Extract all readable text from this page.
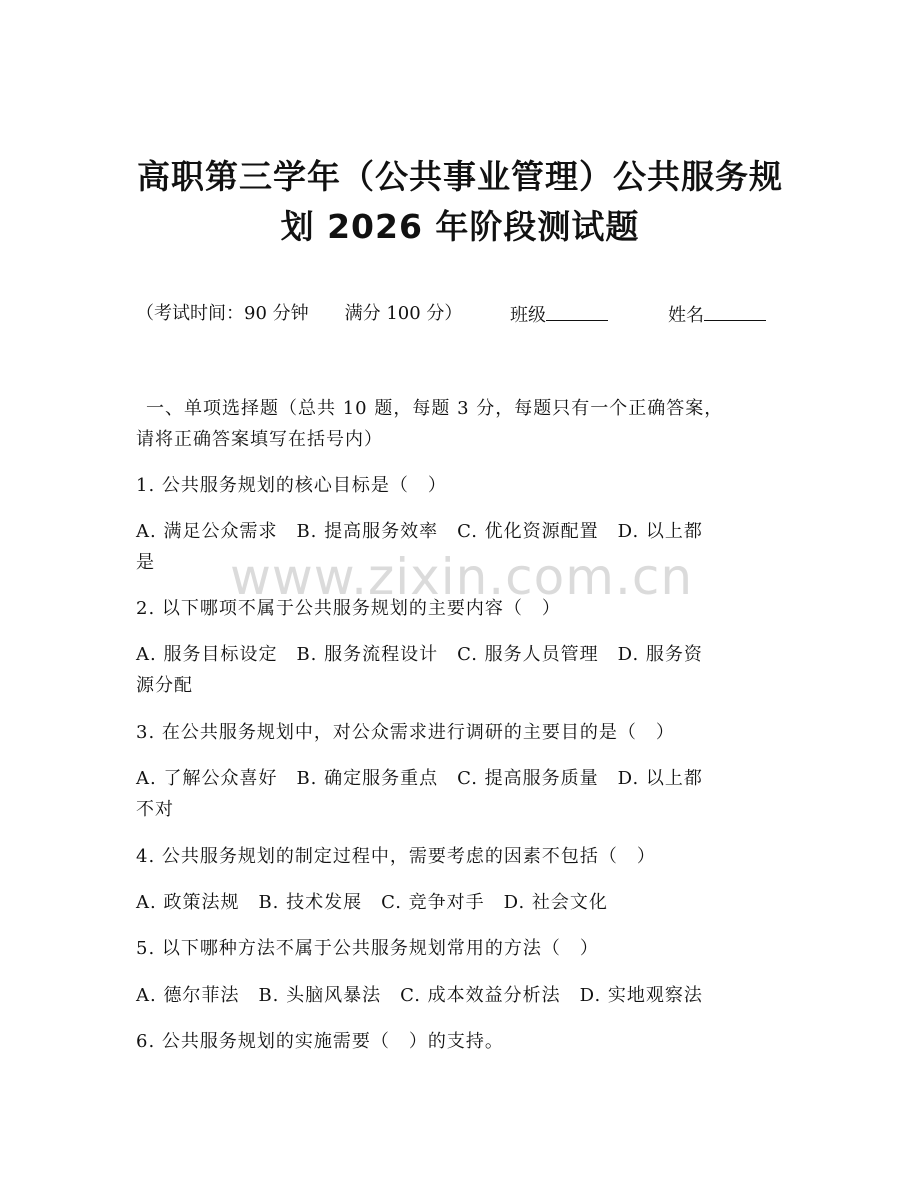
高职第三学年（公共事业管理）公共服务规
划 2026 年阶段测试题
（考试时间：90 分钟　　满分 100 分）	班级	姓名
一、单项选择题（总共 10 题，每题 3 分，每题只有一个正确答案，
请将正确答案填写在括号内）
1. 公共服务规划的核心目标是（　）
A. 满足公众需求　B. 提高服务效率　C. 优化资源配置　D. 以上都
是
2. 以下哪项不属于公共服务规划的主要内容（　）
A. 服务目标设定　B. 服务流程设计　C. 服务人员管理　D. 服务资
源分配
3. 在公共服务规划中，对公众需求进行调研的主要目的是（　）
A. 了解公众喜好　B. 确定服务重点　C. 提高服务质量　D. 以上都
不对
4. 公共服务规划的制定过程中，需要考虑的因素不包括（　）
A. 政策法规　B. 技术发展　C. 竞争对手　D. 社会文化
5. 以下哪种方法不属于公共服务规划常用的方法（　）
A. 德尔菲法　B. 头脑风暴法　C. 成本效益分析法　D. 实地观察法
6. 公共服务规划的实施需要（　）的支持。
www.zixin.com.cn
